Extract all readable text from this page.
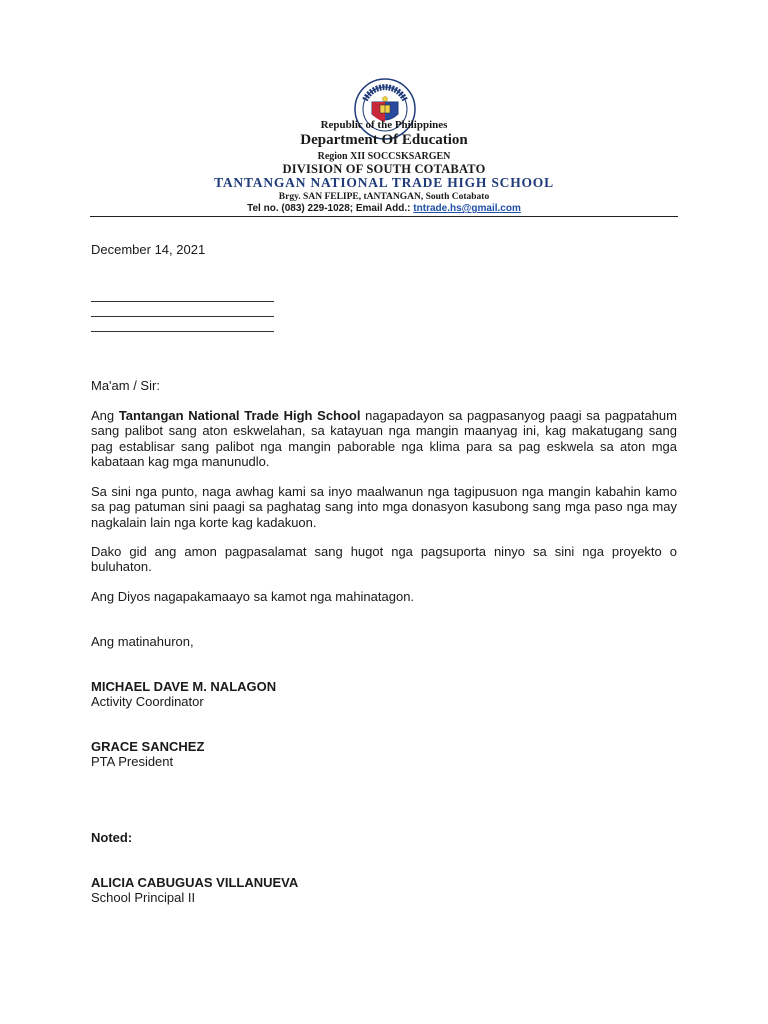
Republic of the Philippines
Department Of Education
Region XII SOCCSKSARGEN
DIVISION OF SOUTH COTABATO
TANTANGAN NATIONAL TRADE HIGH SCHOOL
Brgy. SAN FELIPE, tANTANGAN, South Cotabato
Tel no. (083) 229-1028; Email Add.: tntrade.hs@gmail.com
December 14, 2021
Ma'am / Sir:
Ang Tantangan National Trade High School nagapadayon sa pagpasanyog paagi sa pagpatahum sang palibot sang aton eskwelahan, sa katayuan nga mangin maanyag ini, kag makatugang sang pag establisar sang palibot nga mangin paborable nga klima para sa pag eskwela sa aton mga kabataan kag mga manunudlo.
Sa sini nga punto, naga awhag kami sa inyo maalwanun nga tagipusuon nga mangin kabahin kamo sa pag patuman sini paagi sa paghatag sang into mga donasyon kasubong sang mga paso nga may nagkalain lain nga korte kag kadakuon.
Dako gid ang amon pagpasalamat sang hugot nga pagsuporta ninyo sa sini nga proyekto o buluhaton.
Ang Diyos nagapakamaayo sa kamot nga mahinatagon.
Ang matinahuron,
MICHAEL DAVE M. NALAGON
Activity Coordinator
GRACE SANCHEZ
PTA President
Noted:
ALICIA CABUGUAS VILLANUEVA
School Principal II
